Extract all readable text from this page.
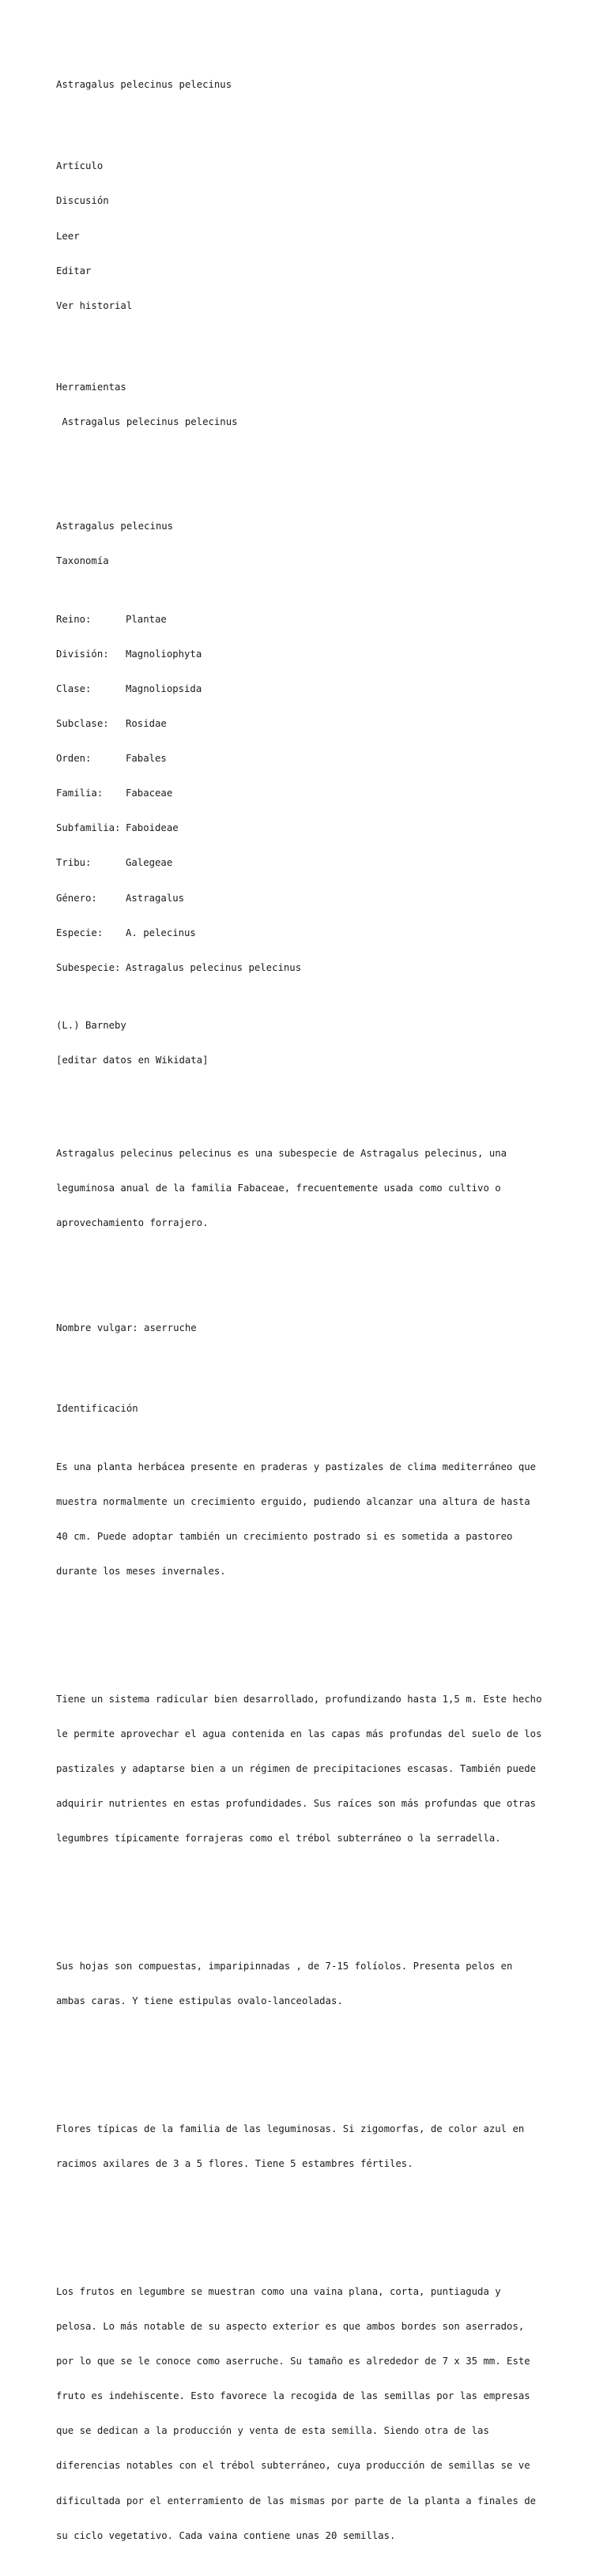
Astragalus pelecinus pelecinus

Artículo

Discusión

Leer

Editar

Ver historial

Herramientas

Astragalus pelecinus pelecinus

Astragalus pelecinus

Taxonomía

Reino:	Plantae

División: Magnoliophyta

Clase:	Magnoliopsida

Subclase: Rosidae

Orden:	Fabales

Familia: Fabaceae

Subfamilia: Faboideae

Tribu:	Galegeae

Género:	Astragalus

Especie: A. pelecinus

Subespecie: Astragalus pelecinus pelecinus

(L.) Barneby

[editar datos en Wikidata]

Astragalus pelecinus pelecinus es una subespecie de Astragalus pelecinus, una

leguminosa anual de la familia Fabaceae, frecuentemente usada como cultivo o

aprovechamiento forrajero.

Nombre vulgar: aserruche

Identificación

Es una planta herbácea presente en praderas y pastizales de clima mediterráneo que

muestra normalmente un crecimiento erguido, pudiendo alcanzar una altura de hasta

40 cm. Puede adoptar también un crecimiento postrado si es sometida a pastoreo

durante los meses invernales.

Tiene un sistema radicular bien desarrollado, profundizando hasta 1,5 m. Este hecho

le permite aprovechar el agua contenida en las capas más profundas del suelo de los

pastizales y adaptarse bien a un régimen de precipitaciones escasas. También puede

adquirir nutrientes en estas profundidades. Sus raíces son más profundas que otras

legumbres típicamente forrajeras como el trébol subterráneo o la serradella.

Sus hojas son compuestas, imparipinnadas , de 7-15 folíolos. Presenta pelos en

ambas caras. Y tiene estipulas ovalo-lanceoladas.

Flores típicas de la familia de las leguminosas. Si zigomorfas, de color azul en

racimos axilares de 3 a 5 flores. Tiene 5 estambres fértiles.

Los frutos en legumbre se muestran como una vaina plana, corta, puntiaguda y

pelosa. Lo más notable de su aspecto exterior es que ambos bordes son aserrados,

por lo que se le conoce como aserruche. Su tamaño es alrededor de 7 x 35 mm. Este

fruto es indehiscente. Esto favorece la recogida de las semillas por las empresas

que se dedican a la producción y venta de esta semilla. Siendo otra de las

diferencias notables con el trébol subterráneo, cuya producción de semillas se ve

dificultada por el enterramiento de las mismas por parte de la planta a finales de

su ciclo vegetativo. Cada vaina contiene unas 20 semillas.
